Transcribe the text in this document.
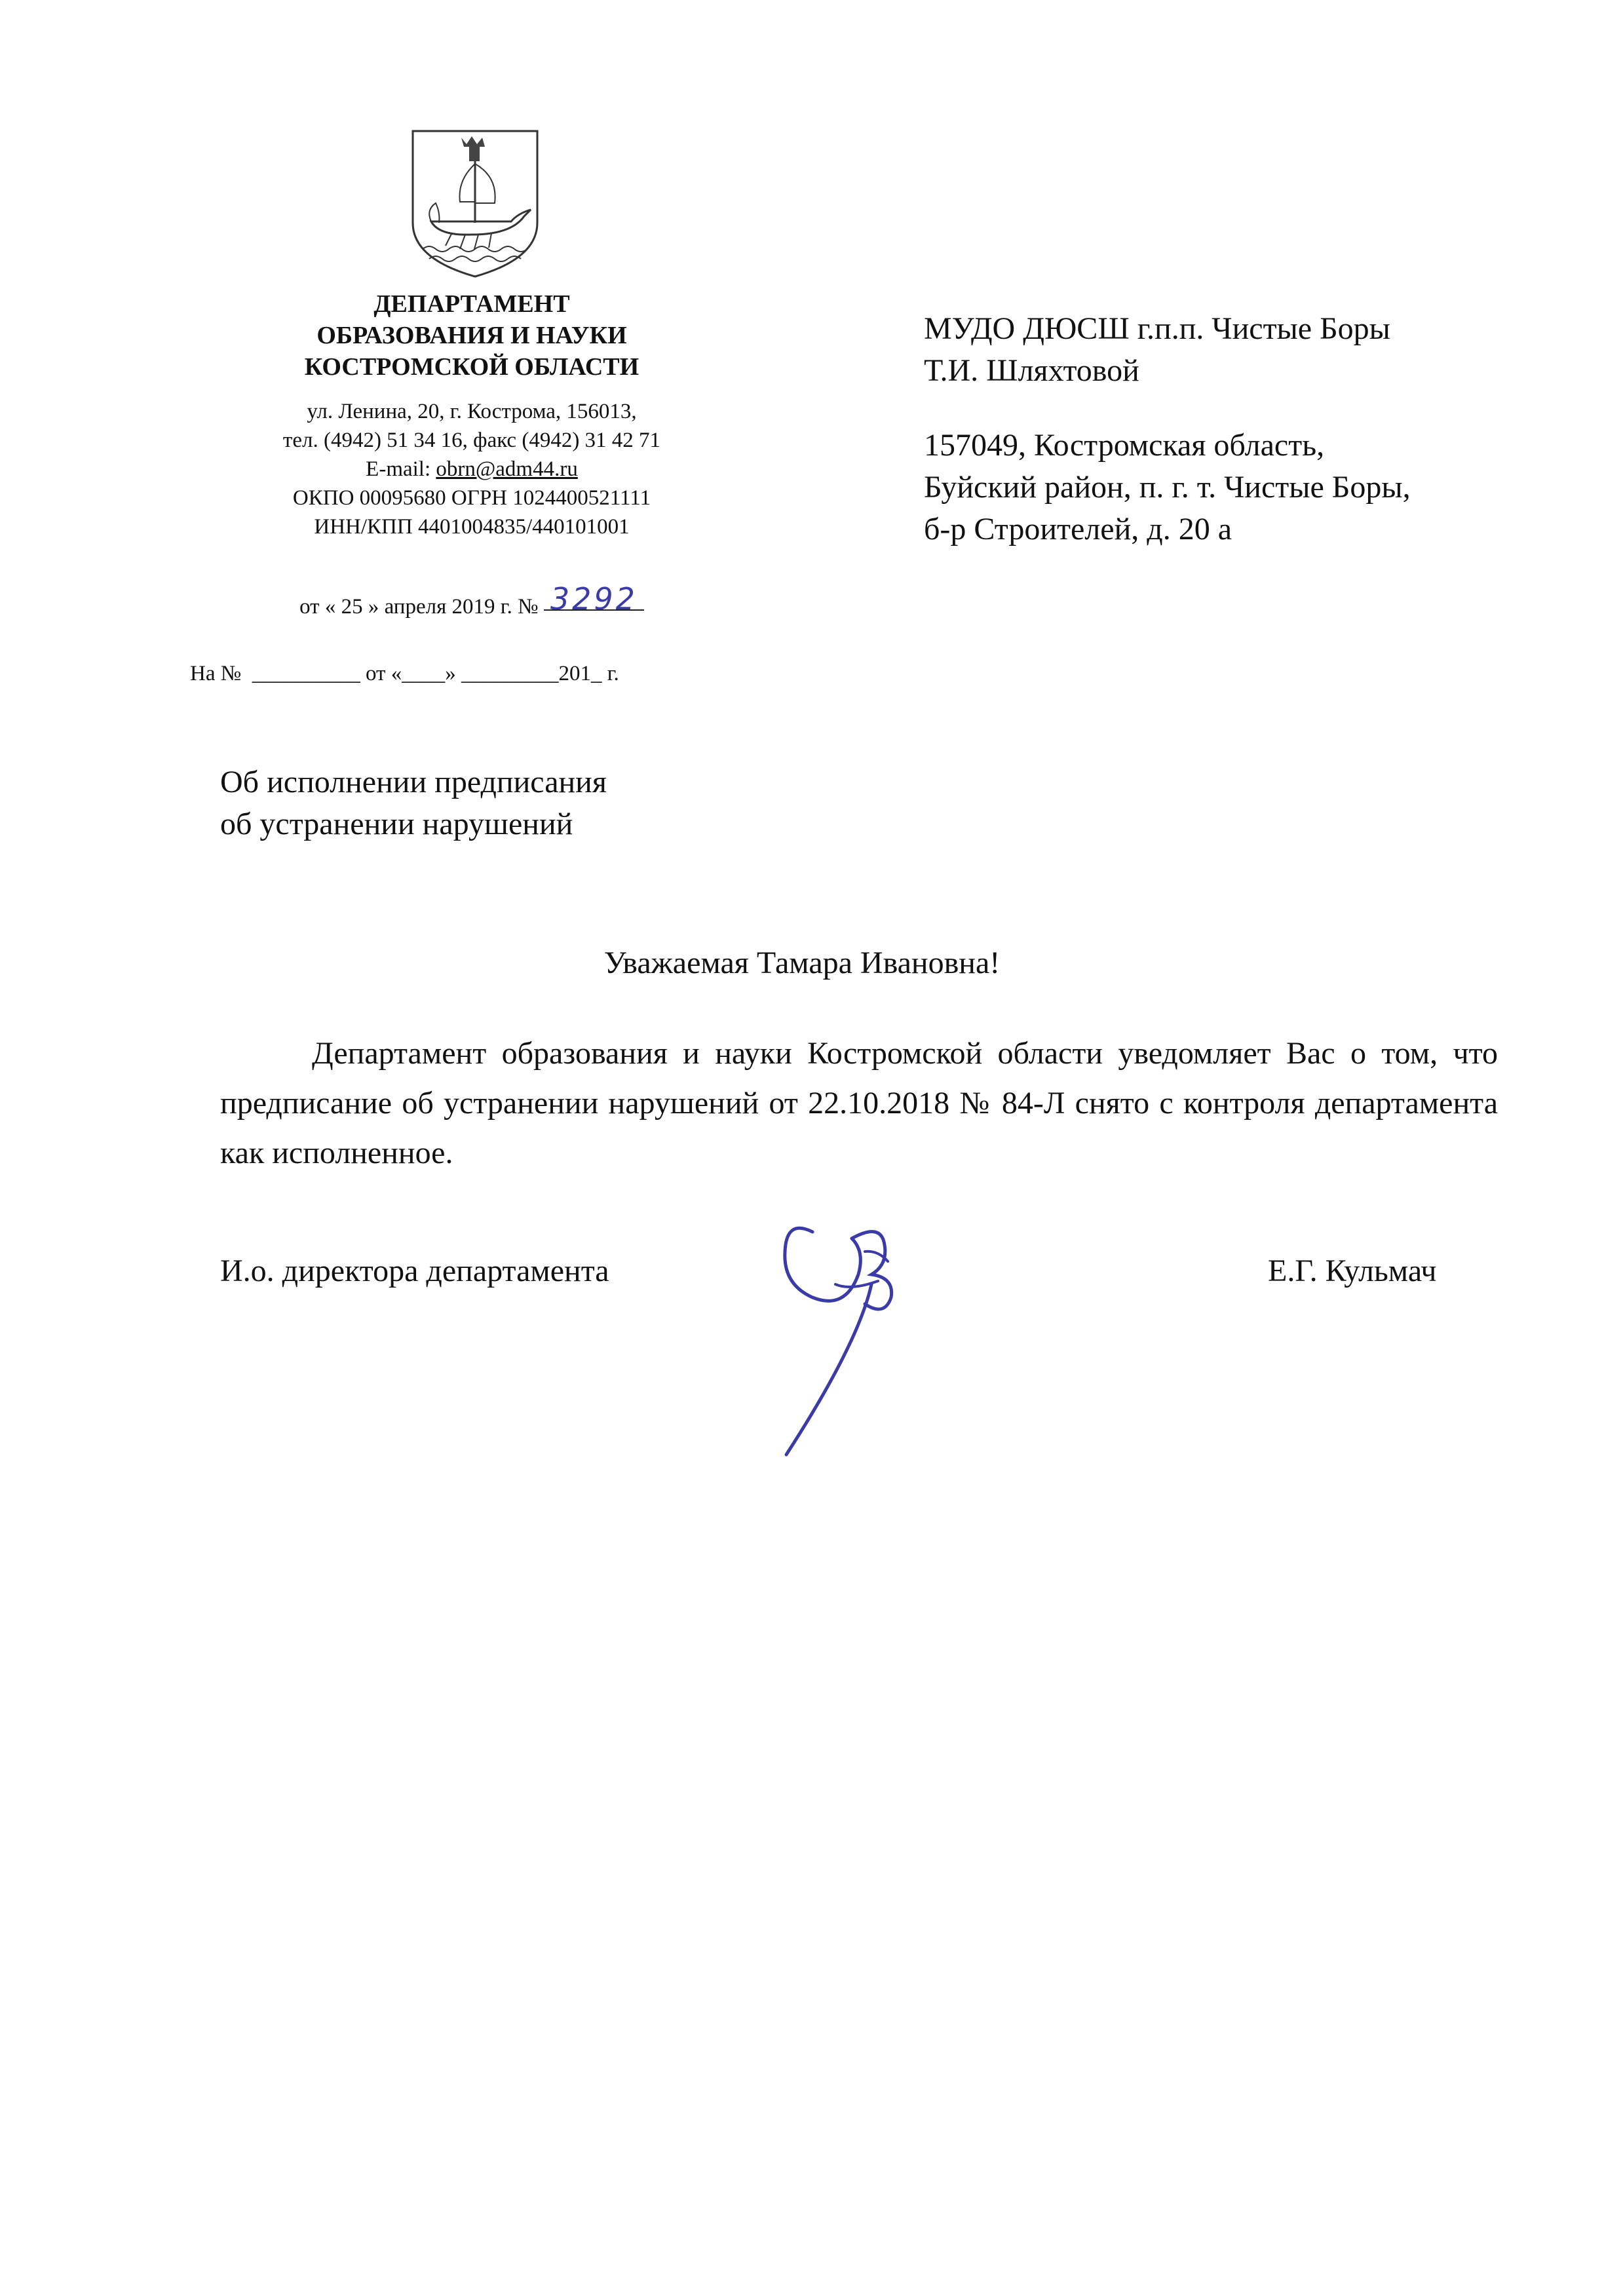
ДЕПАРТАМЕНТ
ОБРАЗОВАНИЯ И НАУКИ
КОСТРОМСКОЙ ОБЛАСТИ
ул. Ленина, 20, г. Кострома, 156013,
тел. (4942) 51 34 16, факс (4942) 31 42 71
E-mail: obrn@adm44.ru
ОКПО 00095680 ОГРН 1024400521111
ИНН/КПП 4401004835/440101001
от « 25 » апреля 2019 г. № 3292
На №  __________ от «____» _________201_ г.
МУДО ДЮСШ г.п.п. Чистые Боры
Т.И. Шляхтовой
157049, Костромская область,
Буйский район, п. г. т. Чистые Боры,
б-р Строителей, д. 20 а
Об исполнении предписания
об устранении нарушений
Уважаемая Тамара Ивановна!
Департамент образования и науки Костромской области уведомляет Вас о том, что предписание об устранении нарушений от 22.10.2018 № 84-Л снято с контроля департамента как исполненное.
И.о. директора департамента	Е.Г. Кульмач
